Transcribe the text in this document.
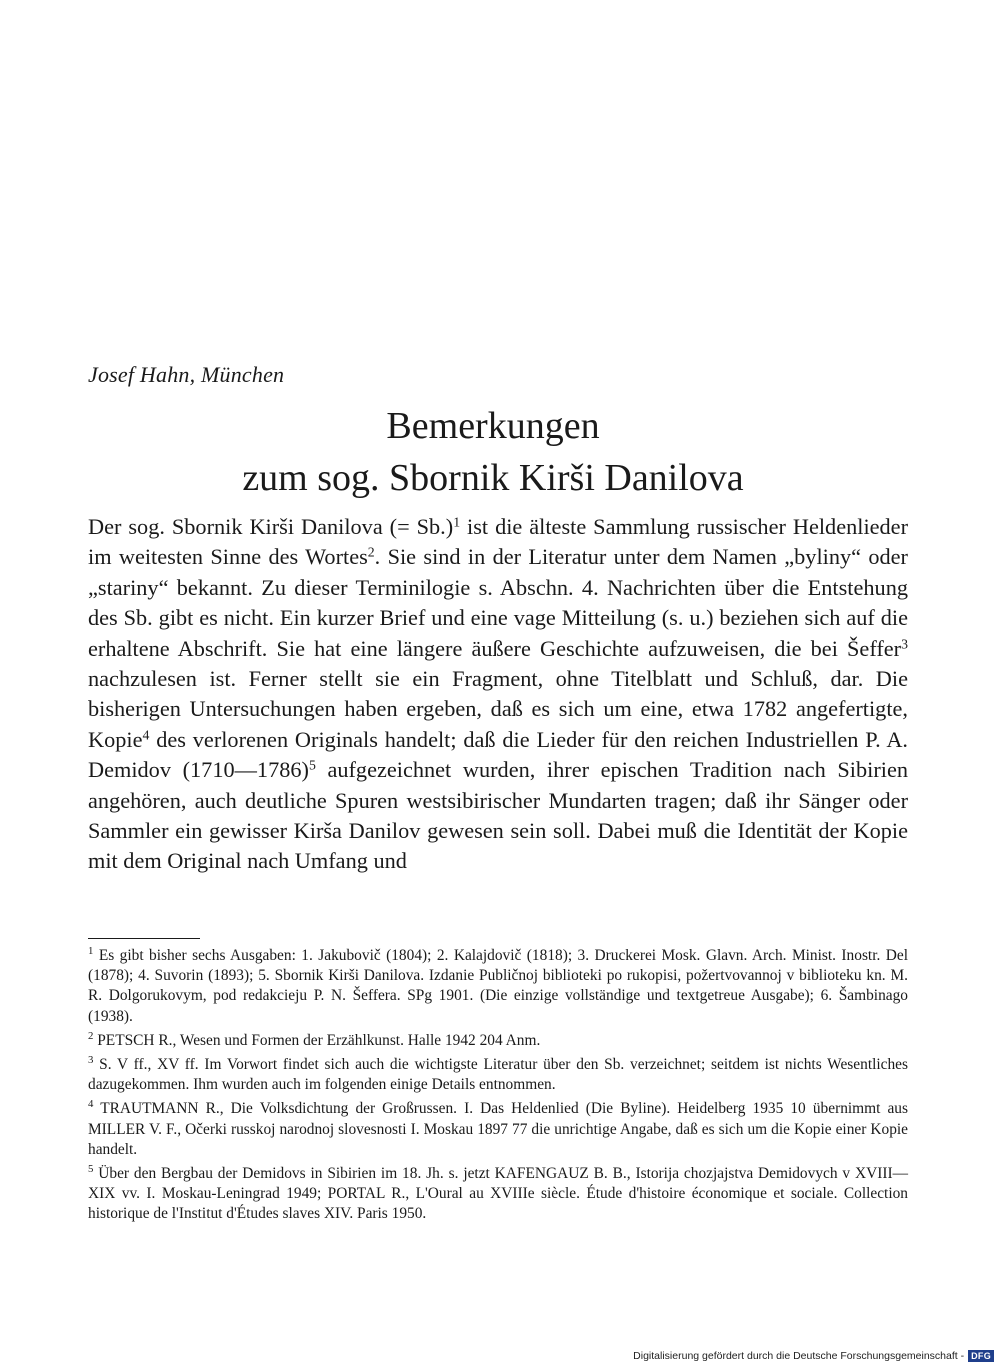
Josef Hahn, München
Bemerkungen
zum sog. Sbornik Kirši Danilova

Der sog. Sbornik Kirši Danilova (= Sb.)$^1$ ist die älteste Sammlung russischer Heldenlieder im weitesten Sinne des Wortes$^2$. Sie sind in der Literatur unter dem Namen „byliny“ oder „stariny“ bekannt. Zu dieser Terminilogie s. Abschn. 4. Nachrichten über die Entstehung des Sb. gibt es nicht. Ein kurzer Brief und eine vage Mitteilung (s. u.) beziehen sich auf die erhaltene Abschrift. Sie hat eine längere äußere Geschichte aufzuweisen, die bei Šeffer$^3$ nachzulesen ist. Ferner stellt sie ein Fragment, ohne Titelblatt und Schluß, dar. Die bisherigen Untersuchungen haben ergeben, daß es sich um eine, etwa 1782 angefertigte, Kopie$^4$ des verlorenen Originals handelt; daß die Lieder für den reichen Industriellen P. A. Demidov (1710—1786)$^5$ aufgezeichnet wurden, ihrer epischen Tradition nach Sibirien angehören, auch deutliche Spuren westsibirischer Mundarten tragen; daß ihr Sänger oder Sammler ein gewisser Kirša Danilov gewesen sein soll. Dabei muß die Identität der Kopie mit dem Original nach Umfang und

$^1$ Es gibt bisher sechs Ausgaben: 1. Jakubovič (1804); 2. Kalajdovič (1818); 3. Druckerei Mosk. Glavn. Arch. Minist. Inostr. Del (1878); 4. Suvorin (1893); 5. Sbornik Kirši Danilova. Izdanie Publičnoj biblioteki po rukopisi, požertvovannoj v biblioteku kn. M. R. Dolgorukovym, pod redakcieju P. N. Šeffera. SPg 1901. (Die einzige vollständige und textgetreue Ausgabe); 6. Šambinago (1938).

$^2$ PETSCH R., Wesen und Formen der Erzählkunst. Halle 1942 204 Anm.

$^3$ S. V ff., XV ff. Im Vorwort findet sich auch die wichtigste Literatur über den Sb. verzeichnet; seitdem ist nichts Wesentliches dazugekommen. Ihm wurden auch im folgenden einige Details entnommen.

$^4$ TRAUTMANN R., Die Volksdichtung der Großrussen. I. Das Heldenlied (Die Byline). Heidelberg 1935 10 übernimmt aus MILLER V. F., Očerki russkoj narodnoj slovesnosti I. Moskau 1897 77 die unrichtige Angabe, daß es sich um die Kopie einer Kopie handelt.

$^5$ Über den Bergbau der Demidovs in Sibirien im 18. Jh. s. jetzt KAFENGAUZ B. B., Istorija chozjajstva Demidovych v XVIII—XIX vv. I. Moskau-Leningrad 1949; PORTAL R., L'Oural au XVIIIe siècle. Étude d'histoire économique et sociale. Collection historique de l'Institut d'Études slaves XIV. Paris 1950.

Digitalisierung gefördert durch die Deutsche Forschungsgemeinschaft - DFG
